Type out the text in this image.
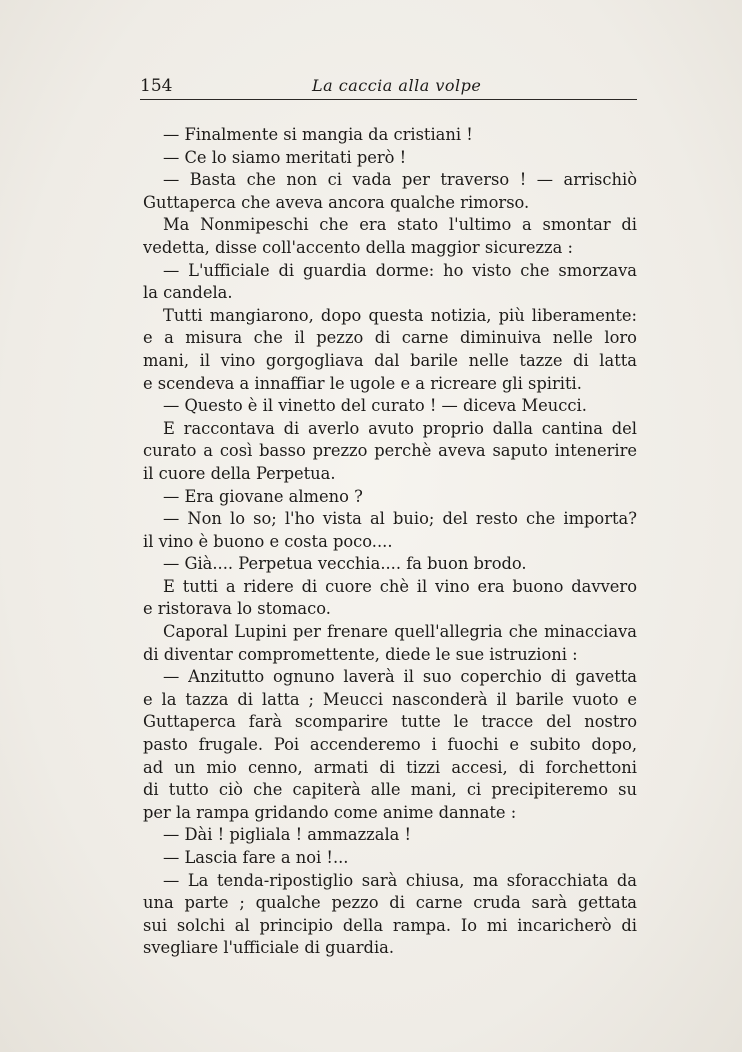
154	La caccia alla volpe
— Finalmente si mangia da cristiani !
— Ce lo siamo meritati però !
— Basta che non ci vada per traverso ! — arrischiò
Guttaperca che aveva ancora qualche rimorso.
Ma Nonmipeschi che era stato l'ultimo a smontar di
vedetta, disse coll'accento della maggior sicurezza :
— L'ufficiale di guardia dorme: ho visto che smorzava
la candela.
Tutti mangiarono, dopo questa notizia, più liberamente:
e a misura che il pezzo di carne diminuiva nelle loro
mani, il vino gorgogliava dal barile nelle tazze di latta
e scendeva a innaffiar le ugole e a ricreare gli spiriti.
— Questo è il vinetto del curato ! — diceva Meucci.
E raccontava di averlo avuto proprio dalla cantina del
curato a così basso prezzo perchè aveva saputo intenerire
il cuore della Perpetua.
— Era giovane almeno ?
— Non lo so; l'ho vista al buio; del resto che importa?
il vino è buono e costa poco....
— Già.... Perpetua vecchia.... fa buon brodo.
E tutti a ridere di cuore chè il vino era buono davvero
e ristorava lo stomaco.
Caporal Lupini per frenare quell'allegria che minacciava
di diventar compromettente, diede le sue istruzioni :
— Anzitutto ognuno laverà il suo coperchio di gavetta
e la tazza di latta ; Meucci nasconderà il barile vuoto e
Guttaperca farà scomparire tutte le tracce del nostro
pasto frugale. Poi accenderemo i fuochi e subito dopo,
ad un mio cenno, armati di tizzi accesi, di forchettoni
di tutto ciò che capiterà alle mani, ci precipiteremo su
per la rampa gridando come anime dannate :
— Dài ! pigliala ! ammazzala !
— Lascia fare a noi !...
— La tenda-ripostiglio sarà chiusa, ma sforacchiata da
una parte ; qualche pezzo di carne cruda sarà gettata
sui solchi al principio della rampa. Io mi incaricherò di
svegliare l'ufficiale di guardia.
